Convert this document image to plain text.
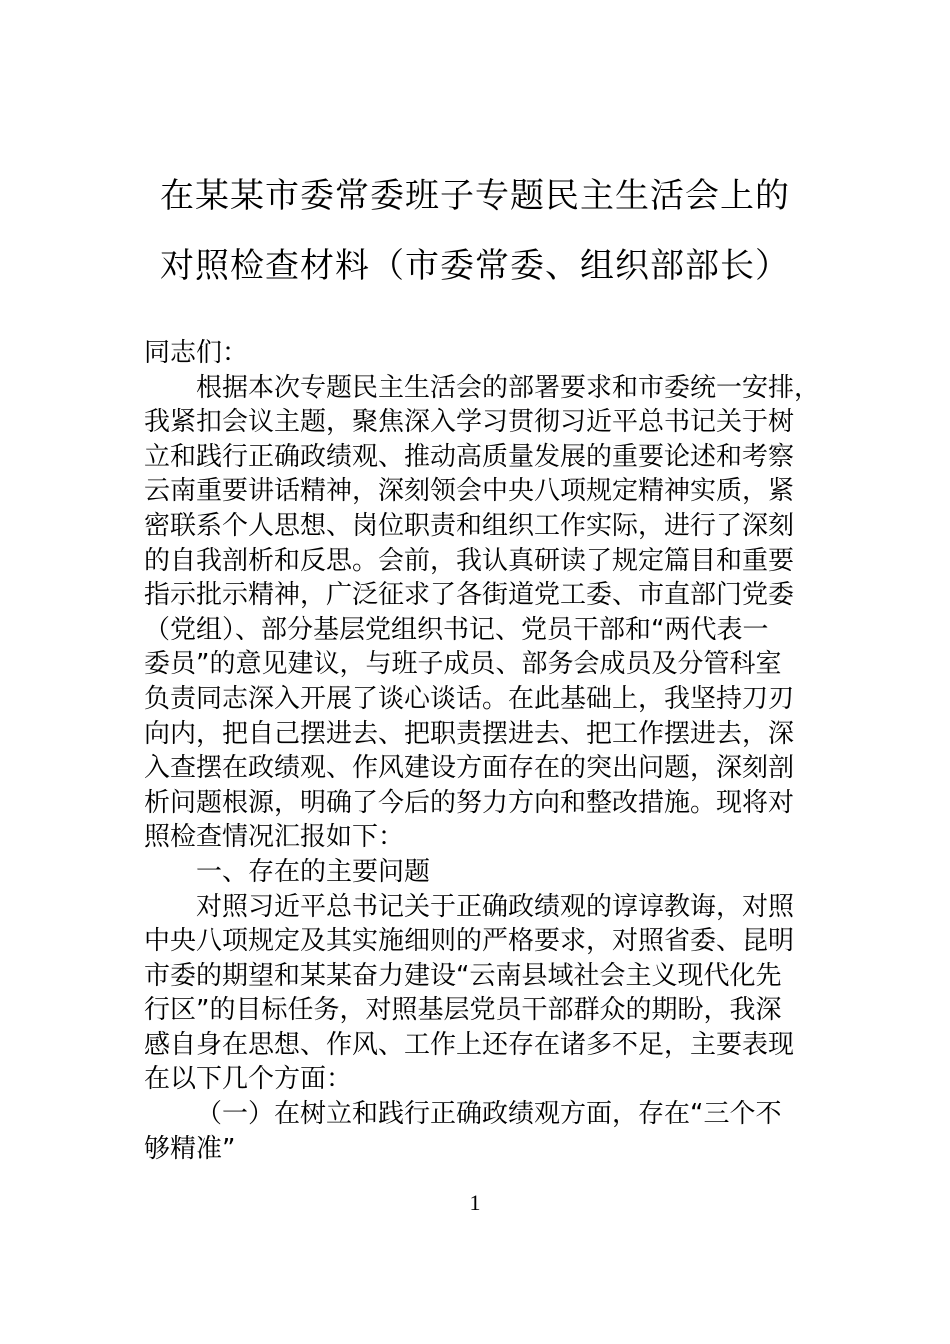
在某某市委常委班子专题民主生活会上的
对照检查材料（市委常委、组织部部长）
同志们：
根据本次专题民主生活会的部署要求和市委统一安排，
我紧扣会议主题，聚焦深入学习贯彻习近平总书记关于树
立和践行正确政绩观、推动高质量发展的重要论述和考察
云南重要讲话精神，深刻领会中央八项规定精神实质，紧
密联系个人思想、岗位职责和组织工作实际，进行了深刻
的自我剖析和反思。会前，我认真研读了规定篇目和重要
指示批示精神，广泛征求了各街道党工委、市直部门党委
（党组）、部分基层党组织书记、党员干部和“两代表一
委员”的意见建议，与班子成员、部务会成员及分管科室
负责同志深入开展了谈心谈话。在此基础上，我坚持刀刃
向内，把自己摆进去、把职责摆进去、把工作摆进去，深
入查摆在政绩观、作风建设方面存在的突出问题，深刻剖
析问题根源，明确了今后的努力方向和整改措施。现将对
照检查情况汇报如下：
一、存在的主要问题
对照习近平总书记关于正确政绩观的谆谆教诲，对照
中央八项规定及其实施细则的严格要求，对照省委、昆明
市委的期望和某某奋力建设“云南县域社会主义现代化先
行区”的目标任务，对照基层党员干部群众的期盼，我深
感自身在思想、作风、工作上还存在诸多不足，主要表现
在以下几个方面：
（一）在树立和践行正确政绩观方面，存在“三个不
够精准”
1
